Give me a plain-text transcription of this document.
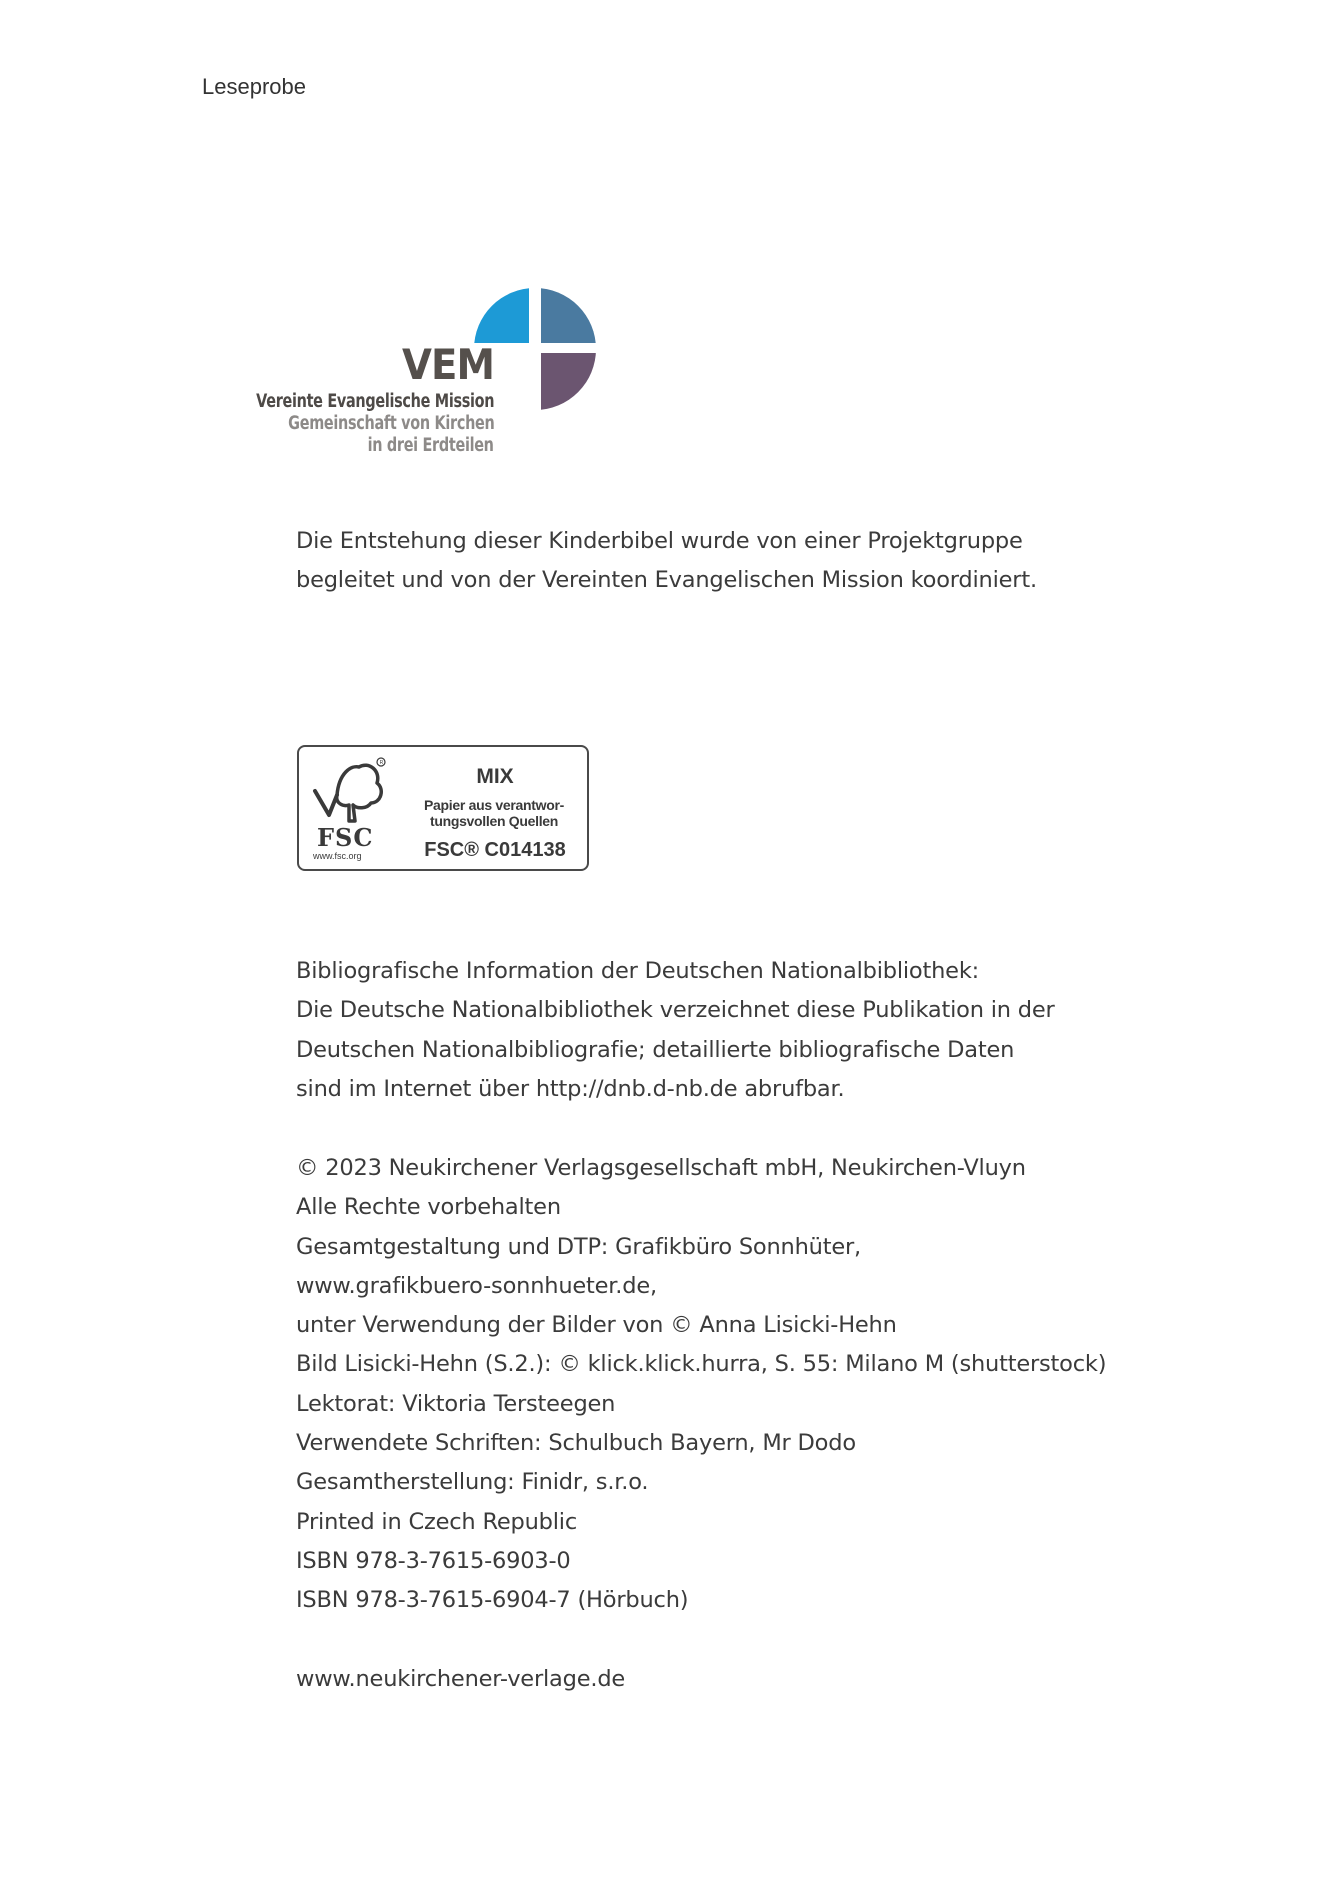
Leseprobe
VEM
Vereinte Evangelische Mission
Gemeinschaft von Kirchen
in drei Erdteilen
Die Entstehung dieser Kinderbibel wurde von einer Projektgruppe
begleitet und von der Vereinten Evangelischen Mission koordiniert.
R
FSC
www.fsc.org
MIX
Papier aus verantwor-
tungsvollen Quellen
FSC® C014138
Bibliografische Information der Deutschen Nationalbibliothek:
Die Deutsche Nationalbibliothek verzeichnet diese Publikation in der
Deutschen Nationalbibliografie; detaillierte bibliografische Daten
sind im Internet über http://dnb.d-nb.de abrufbar.
© 2023 Neukirchener Verlagsgesellschaft mbH, Neukirchen-Vluyn
Alle Rechte vorbehalten
Gesamtgestaltung und DTP: Grafikbüro Sonnhüter,
www.grafikbuero-sonnhueter.de,
unter Verwendung der Bilder von © Anna Lisicki-Hehn
Bild Lisicki-Hehn (S.2.): © klick.klick.hurra, S. 55: Milano M (shutterstock)
Lektorat: Viktoria Tersteegen
Verwendete Schriften: Schulbuch Bayern, Mr Dodo
Gesamtherstellung: Finidr, s.r.o.
Printed in Czech Republic
ISBN 978-3-7615-6903-0
ISBN 978-3-7615-6904-7 (Hörbuch)
www.neukirchener-verlage.de
